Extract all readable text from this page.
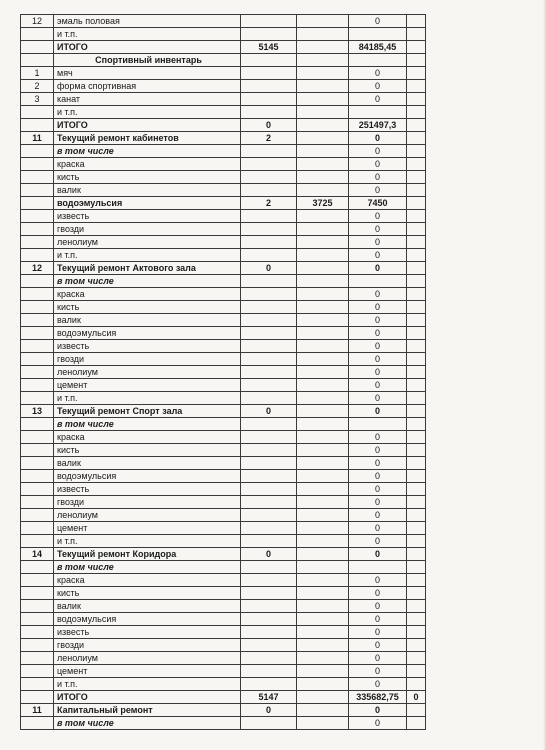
12	эмаль половая			0	
	и т.п.				
	ИТОГО	5145		84185,45	
	Спортивный инвентарь				
1	мяч			0	
2	форма спортивная			0	
3	канат			0	
	и т.п.				
	ИТОГО	0		251497,3	
11	Текущий ремонт кабинетов	2		0	
	в том числе			0	
	краска			0	
	кисть			0	
	валик			0	
	водоэмульсия	2	3725	7450	
	известь			0	
	гвозди			0	
	ленолиум			0	
	и т.п.			0	
12	Текущий ремонт Актового зала	0		0	
	в том числе				
	краска			0	
	кисть			0	
	валик			0	
	водоэмульсия			0	
	известь			0	
	гвозди			0	
	ленолиум			0	
	цемент			0	
	и т.п.			0	
13	Текущий ремонт Спорт зала	0		0	
	в том числе				
	краска			0	
	кисть			0	
	валик			0	
	водоэмульсия			0	
	известь			0	
	гвозди			0	
	ленолиум			0	
	цемент			0	
	и т.п.			0	
14	Текущий ремонт Коридора	0		0	
	в том числе				
	краска			0	
	кисть			0	
	валик			0	
	водоэмульсия			0	
	известь			0	
	гвозди			0	
	ленолиум			0	
	цемент			0	
	и т.п.			0	
	ИТОГО	5147		335682,75	0
11	Капитальный ремонт	0		0	
	в том числе			0	
